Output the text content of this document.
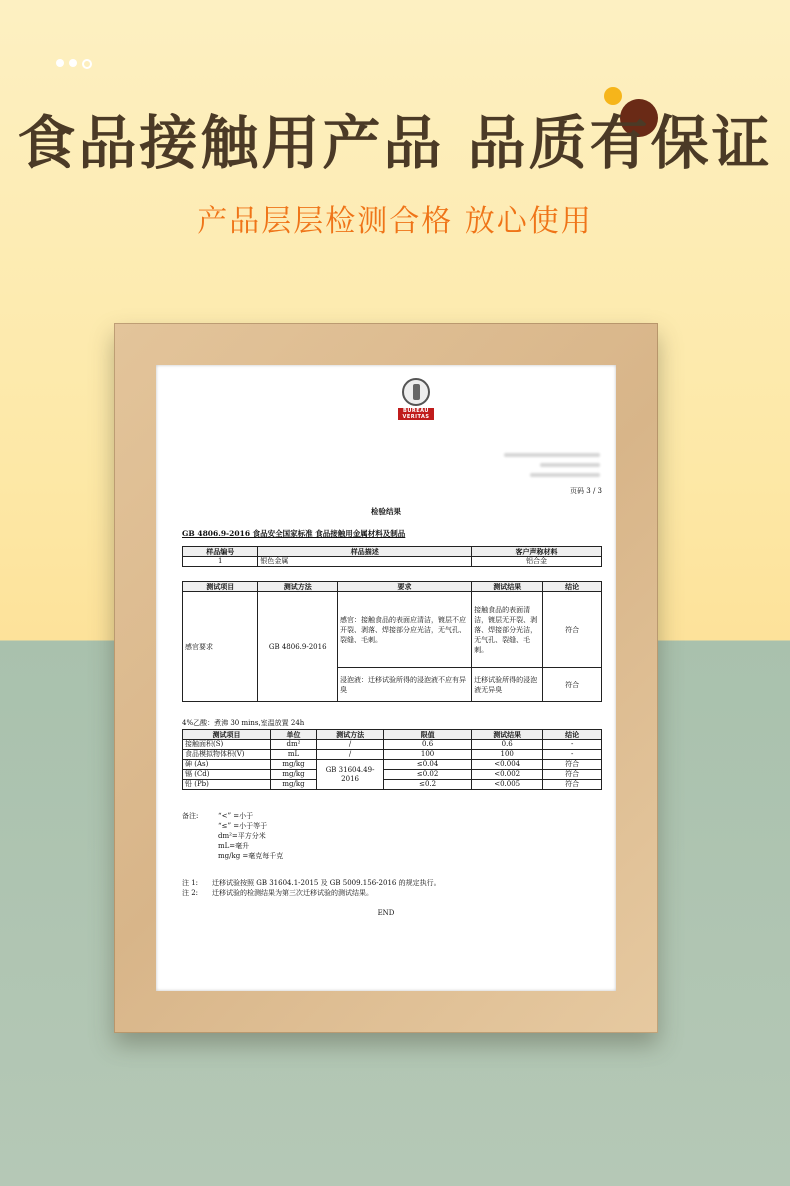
食品接触用产品 品质有保证
产品层层检测合格 放心使用
BUREAU
VERITAS
页码 3 / 3
检验结果
GB 4806.9-2016 食品安全国家标准 食品接触用金属材料及制品
样品编号	样品描述	客户声称材料
1	银色金属	铝合金
测试项目	测试方法	要求	测试结果	结论
感官要求	GB 4806.9-2016	感官：接触食品的表面应清洁，镀层不应开裂、剥落、焊接部分应光洁，无气孔、裂缝、毛刺。	接触食品的表面清洁，镀层无开裂、剥落、焊接部分光洁，无气孔、裂缝、毛刺。	符合
		浸泡液：迁移试验所得的浸泡液不应有异臭	迁移试验所得的浸泡液无异臭	符合
4%乙酸：煮沸 30 mins,室温放置 24h
测试项目	单位	测试方法	限值	测试结果	结论
接触面积(S)	dm²	/	0.6	0.6	-
食品模拟物体积(V)	mL	/	100	100	-
砷 (As)	mg/kg	GB 31604.49-2016	≤0.04	<0.004	符合
镉 (Cd)	mg/kg		≤0.02	<0.002	符合
铅 (Pb)	mg/kg		≤0.2	<0.005	符合
备注:	“<” =小于
“≤” =小于等于
dm²=平方分米
mL=毫升
mg/kg =毫克每千克
注 1: 迁移试验按照 GB 31604.1-2015 及 GB 5009.156-2016 的规定执行。
注 2: 迁移试验的检测结果为第三次迁移试验的测试结果。
END
